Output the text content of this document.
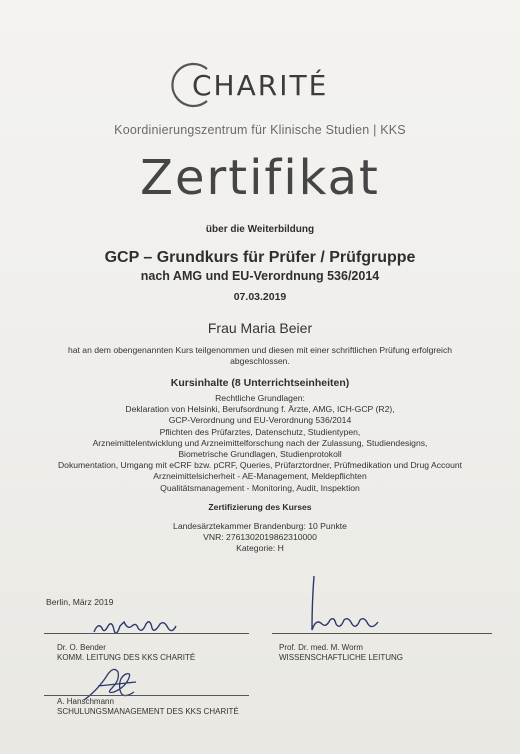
CHARITÉ
Koordinierungszentrum für Klinische Studien | KKS
Zertifikat
über die Weiterbildung
GCP – Grundkurs für Prüfer / Prüfgruppe
nach AMG und EU-Verordnung 536/2014
07.03.2019
Frau Maria Beier
hat an dem obengenannten Kurs teilgenommen und diesen mit einer schriftlichen Prüfung erfolgreich
abgeschlossen.
Kursinhalte (8 Unterrichtseinheiten)
Rechtliche Grundlagen:
Deklaration von Helsinki, Berufsordnung f. Ärzte, AMG, ICH-GCP (R2),
GCP-Verordnung und EU-Verordnung 536/2014
Pflichten des Prüfarztes, Datenschutz, Studientypen,
Arzneimittelentwicklung und Arzneimittelforschung nach der Zulassung, Studiendesigns,
Biometrische Grundlagen, Studienprotokoll
Dokumentation, Umgang mit eCRF bzw. pCRF, Queries, Prüfarztordner, Prüfmedikation und Drug Account
Arzneimittelsicherheit - AE-Management, Meldepflichten
Qualitätsmanagement - Monitoring, Audit, Inspektion
Zertifizierung des Kurses
Landesärztekammer Brandenburg: 10 Punkte
VNR: 2761302019862310000
Kategorie: H
Berlin, März 2019
Dr. O. Bender
KOMM. LEITUNG DES KKS CHARITÉ
Prof. Dr. med. M. Worm
WISSENSCHAFTLICHE LEITUNG
A. Hanschmann
SCHULUNGSMANAGEMENT DES KKS CHARITÉ
